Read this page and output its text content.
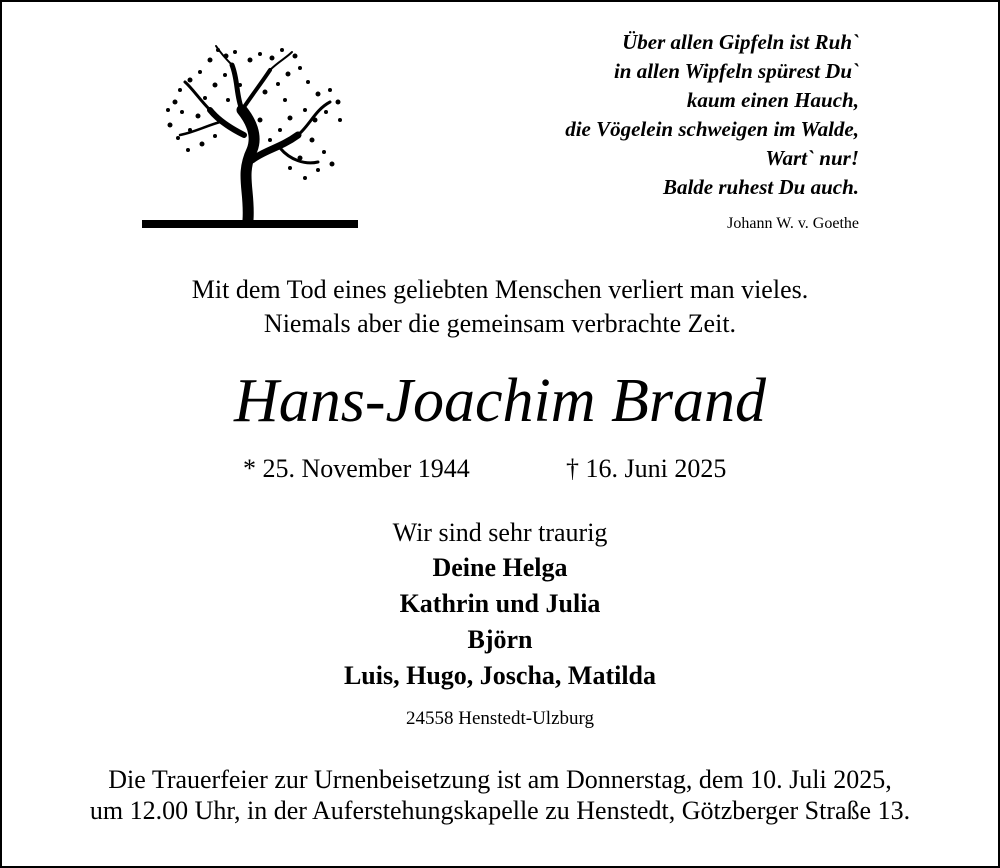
Über allen Gipfeln ist Ruh`
in allen Wipfeln spürest Du`
kaum einen Hauch,
die Vögelein schweigen im Walde,
Wart` nur!
Balde ruhest Du auch.
Johann W. v. Goethe
Mit dem Tod eines geliebten Menschen verliert man vieles.
Niemals aber die gemeinsam verbrachte Zeit.
Hans-Joachim Brand
* 25. November 1944	† 16. Juni 2025
Wir sind sehr traurig
Deine Helga
Kathrin und Julia
Björn
Luis, Hugo, Joscha, Matilda
24558 Henstedt-Ulzburg
Die Trauerfeier zur Urnenbeisetzung ist am Donnerstag, dem 10. Juli 2025,
um 12.00 Uhr, in der Auferstehungskapelle zu Henstedt, Götzberger Straße 13.
